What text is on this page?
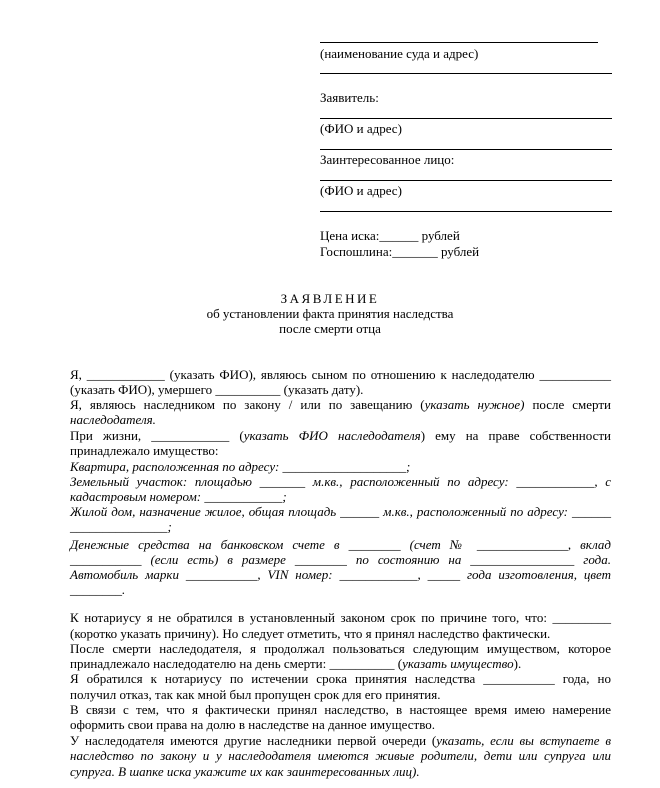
(наименование суда и адрес)
Заявитель:
(ФИО и адрес)
Заинтересованное лицо:
(ФИО и адрес)
Цена иска:______ рублей
Госпошлина:_______ рублей
ЗАЯВЛЕНИЕ
об установлении факта принятия наследства
после смерти отца
Я, ____________ (указать ФИО), являюсь сыном по отношению к наследодателю ___________
(указать ФИО), умершего __________ (указать дату).
Я, являюсь наследником по закону / или по завещанию (указать нужное) после смерти
наследодателя.
При жизни, ____________ (указать ФИО наследодателя) ему на праве собственности
принадлежало имущество:
Квартира, расположенная по адресу: ___________________;
Земельный участок: площадью _______ м.кв., расположенный по адресу: ____________, с
кадастровым номером: ____________;
Жилой дом, назначение жилое, общая площадь ______ м.кв., расположенный по адресу: ______
_______________;
Денежные средства на банковском счете в ________ (счет № ______________, вклад
___________ (если есть) в размере ________ по состоянию на ________________ года.
Автомобиль марки ___________, VIN номер: ____________, _____ года изготовления, цвет
________.
К нотариусу я не обратился в установленный законом срок по причине того, что: _________
(коротко указать причину). Но следует отметить, что я принял наследство фактически.
После смерти наследодателя, я продолжал пользоваться следующим имуществом, которое
принадлежало наследодателю на день смерти: __________ (указать имущество).
Я обратился к нотариусу по истечении срока принятия наследства ___________ года, но
получил отказ, так как мной был пропущен срок для его принятия.
В связи с тем, что я фактически принял наследство, в настоящее время имею намерение
оформить свои права на долю в наследстве на данное имущество.
У наследодателя имеются другие наследники первой очереди (указать, если вы вступаете в
наследство по закону и у наследодателя имеются живые родители, дети или супруга или
супруга. В шапке иска укажите их как заинтересованных лиц).
